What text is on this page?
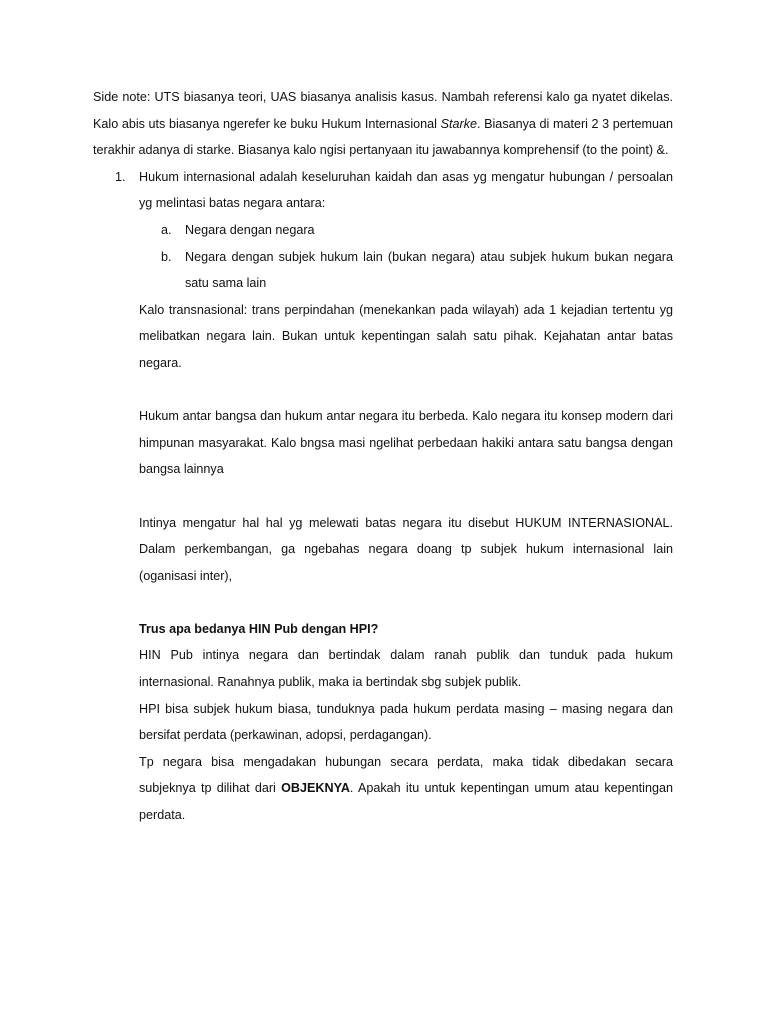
Side note: UTS biasanya teori, UAS biasanya analisis kasus. Nambah referensi kalo ga nyatet dikelas. Kalo abis uts biasanya ngerefer ke buku Hukum Internasional Starke. Biasanya di materi 2 3 pertemuan terakhir adanya di starke. Biasanya kalo ngisi pertanyaan itu jawabannya komprehensif (to the point) &.

1. Hukum internasional adalah keseluruhan kaidah dan asas yg mengatur hubungan / persoalan yg melintasi batas negara antara:

a. Negara dengan negara

b. Negara dengan subjek hukum lain (bukan negara) atau subjek hukum bukan negara satu sama lain

Kalo transnasional: trans perpindahan (menekankan pada wilayah) ada 1 kejadian tertentu yg melibatkan negara lain. Bukan untuk kepentingan salah satu pihak. Kejahatan antar batas negara.

Hukum antar bangsa dan hukum antar negara itu berbeda. Kalo negara itu konsep modern dari himpunan masyarakat. Kalo bngsa masi ngelihat perbedaan hakiki antara satu bangsa dengan bangsa lainnya

Intinya mengatur hal hal yg melewati batas negara itu disebut HUKUM INTERNASIONAL. Dalam perkembangan, ga ngebahas negara doang tp subjek hukum internasional lain (oganisasi inter),

Trus apa bedanya HIN Pub dengan HPI?

HIN Pub intinya negara dan bertindak dalam ranah publik dan tunduk pada hukum internasional. Ranahnya publik, maka ia bertindak sbg subjek publik.

HPI bisa subjek hukum biasa, tunduknya pada hukum perdata masing – masing negara dan bersifat perdata (perkawinan, adopsi, perdagangan).

Tp negara bisa mengadakan hubungan secara perdata, maka tidak dibedakan secara subjeknya tp dilihat dari OBJEKNYA. Apakah itu untuk kepentingan umum atau kepentingan perdata.
